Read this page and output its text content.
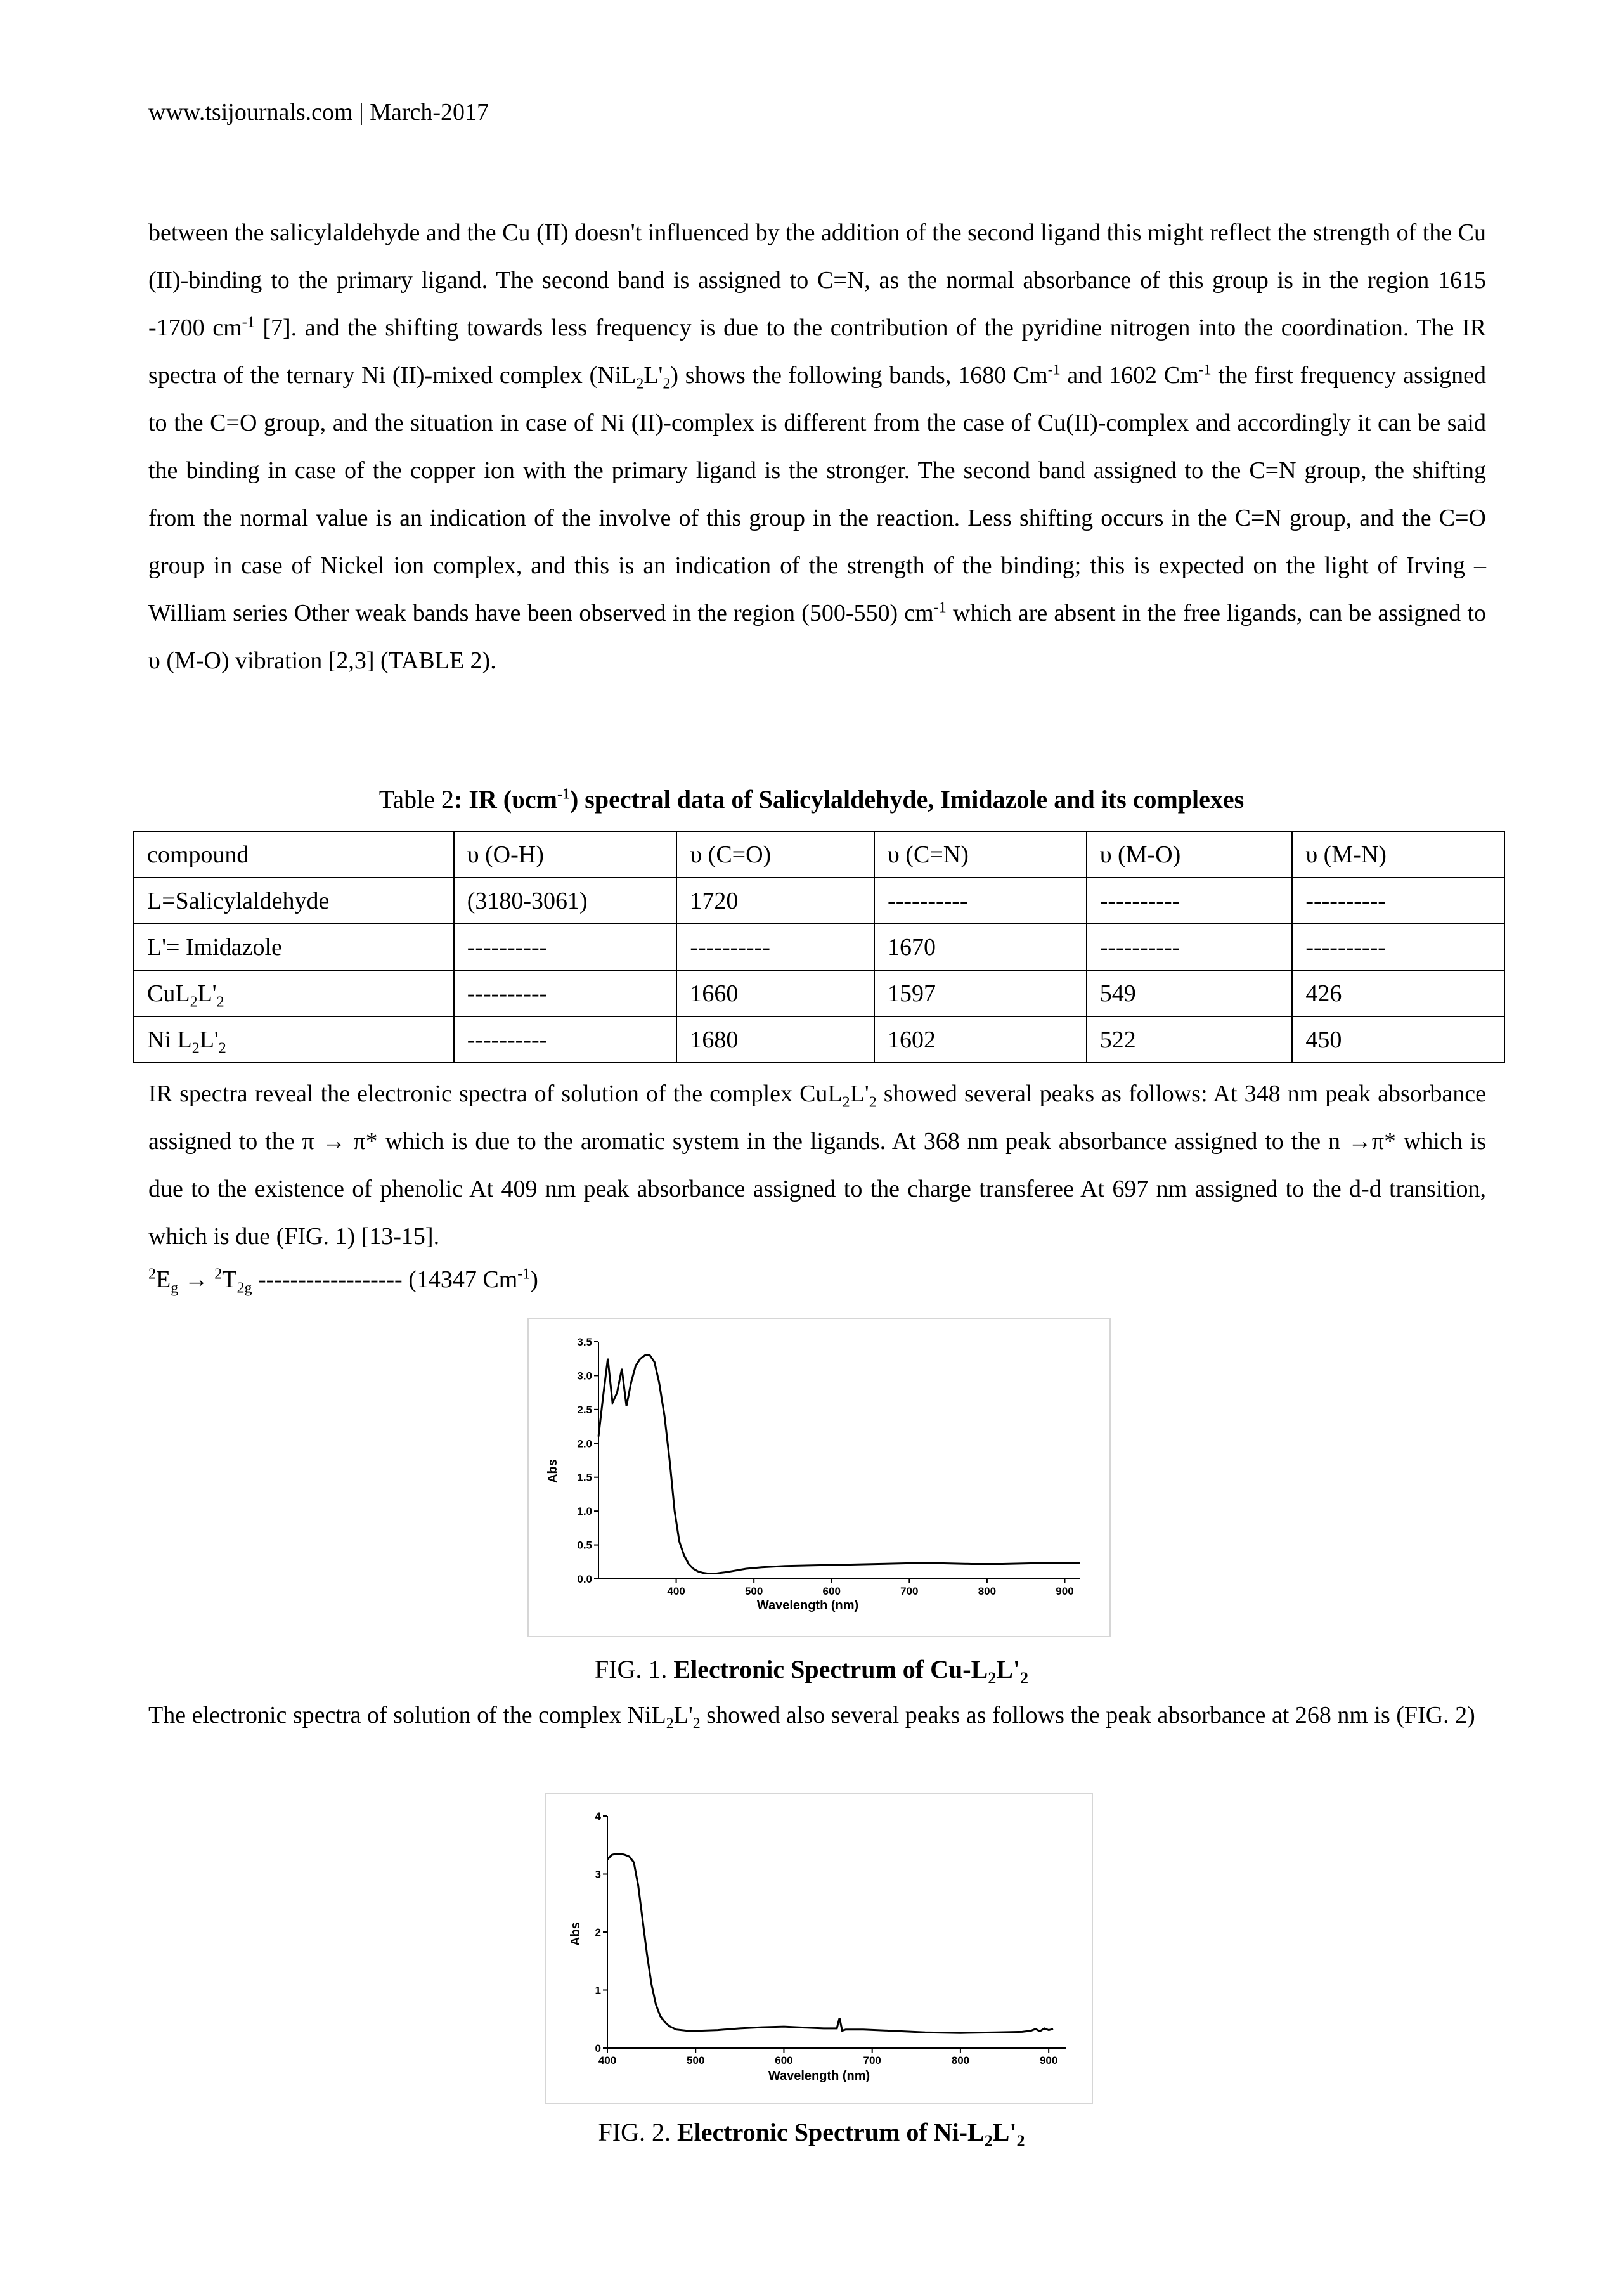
www.tsijournals.com | March-2017

between the salicylaldehyde and the Cu (II) doesn't influenced by the addition of the second ligand this might reflect the strength of the Cu (II)-binding to the primary ligand. The second band is assigned to C=N, as the normal absorbance of this group is in the region 1615 -1700 $cm^{-1}$ [7]. and the shifting towards less frequency is due to the contribution of the pyridine nitrogen into the coordination. The IR spectra of the ternary Ni (II)-mixed complex $(NiL_2L'_2)$ shows the following bands, 1680 $Cm^{-1}$ and 1602 $Cm^{-1}$ the first frequency assigned to the C=O group, and the situation in case of Ni (II)-complex is different from the case of Cu(II)-complex and accordingly it can be said the binding in case of the copper ion with the primary ligand is the stronger. The second band assigned to the C=N group, the shifting from the normal value is an indication of the involve of this group in the reaction. Less shifting occurs in the C=N group, and the C=O group in case of Nickel ion complex, and this is an indication of the strength of the binding; this is expected on the light of Irving – William series Other weak bands have been observed in the region (500-550) $cm^{-1}$ which are absent in the free ligands, can be assigned to υ (M-O) vibration [2,3] (TABLE 2).

Table 2: IR (υcm$^{-1}$) spectral data of Salicylaldehyde, Imidazole and its complexes
compound	υ (O-H)	υ (C=O)	υ (C=N)	υ (M-O)	υ (M-N)
L=Salicylaldehyde	(3180-3061)	1720	----------	----------	----------
L'= Imidazole	----------	----------	1670	----------	----------
$CuL_2L'_2$	----------	1660	1597	549	426
Ni $L_2L'_2$	----------	1680	1602	522	450

IR spectra reveal the electronic spectra of solution of the complex $CuL_2L'_2$ showed several peaks as follows: At 348 nm peak absorbance assigned to the π → π* which is due to the aromatic system in the ligands. At 368 nm peak absorbance assigned to the n →π* which is due to the existence of phenolic At 409 nm peak absorbance assigned to the charge transferee At 697 nm assigned to the d-d transition, which is due (FIG. 1) [13-15].

$^2E_g \to ^2T_{2g}$ ------------------ (14347 $Cm^{-1}$)
0.0
0.5
1.0
1.5
2.0
2.5
3.0
3.5
400	500	600	700	800	900
Abs
Wavelength (nm)
FIG. 1. Electronic Spectrum of $Cu-L_2L'_2$

The electronic spectra of solution of the complex $NiL_2L'_2$ showed also several peaks as follows the peak absorbance at 268 nm is (FIG. 2)

0
1
2
3
4
400	500	600	700	800	900
Abs
Wavelength (nm)
FIG. 2. Electronic Spectrum of $Ni-L_2L'_2$
